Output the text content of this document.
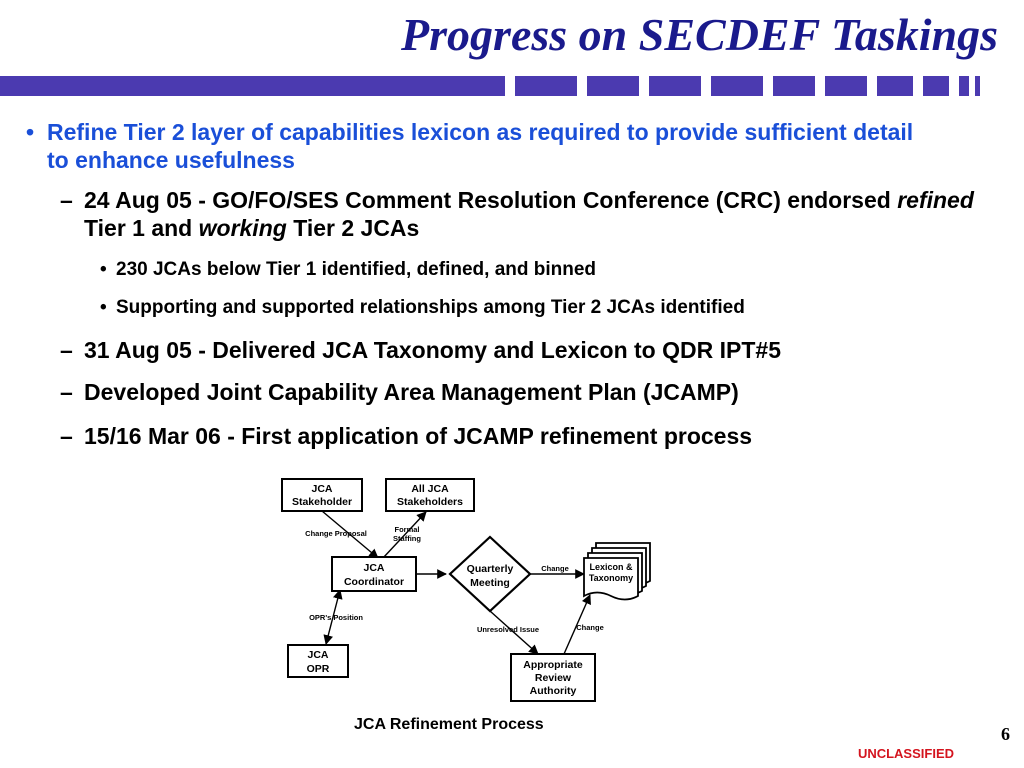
Progress on SECDEF Taskings
• Refine Tier 2 layer of capabilities lexicon as required to provide sufficient detail to enhance usefulness
– 24 Aug 05 - GO/FO/SES Comment Resolution Conference (CRC) endorsed refined Tier 1 and working Tier 2 JCAs
• 230 JCAs below Tier 1 identified, defined, and binned
• Supporting and supported relationships among Tier 2 JCAs identified
– 31 Aug 05 - Delivered JCA Taxonomy and Lexicon to QDR IPT#5
– Developed Joint Capability Area Management Plan (JCAMP)
– 15/16 Mar 06 - First application of JCAMP refinement process
JCA
Stakeholder
All JCA
Stakeholders
JCA
Coordinator
Quarterly
Meeting
Lexicon &
Taxonomy
JCA
OPR	Appropriate
Review
Authority
Change Proposal	Formal
Staffing
Change
OPR's Position
Unresolved Issue	Change
JCA Refinement Process	6
UNCLASSIFIED
